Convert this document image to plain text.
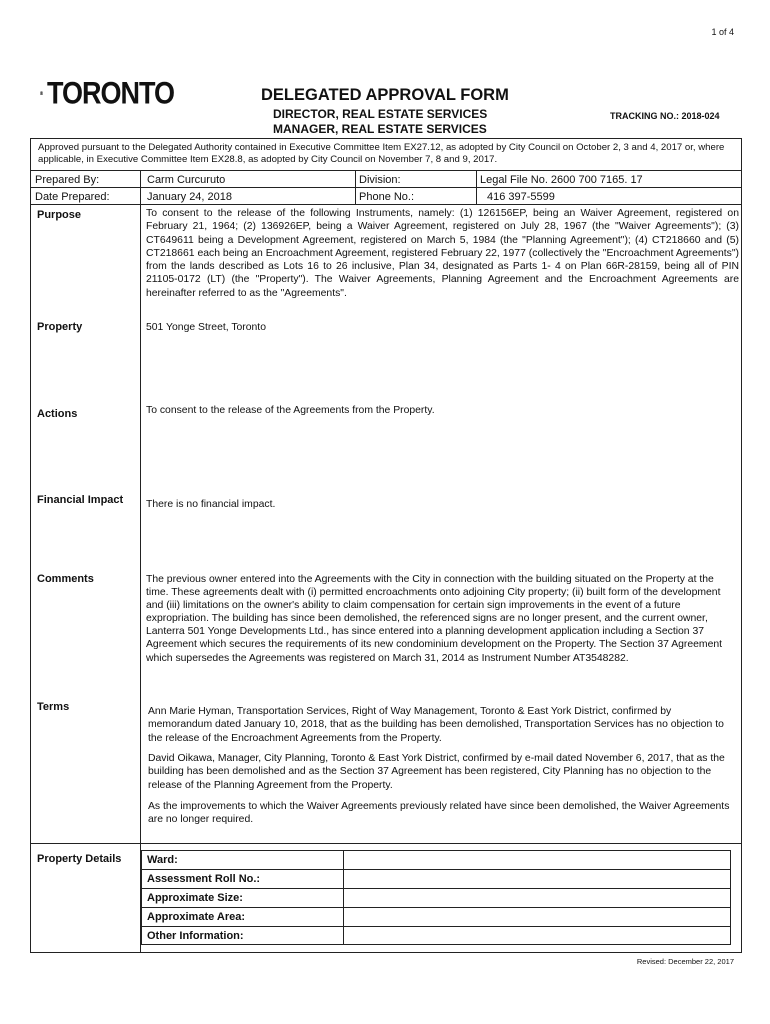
1 of 4
TORONTO	DELEGATED APPROVAL FORM
DIRECTOR, REAL ESTATE SERVICES
MANAGER, REAL ESTATE SERVICES
TRACKING NO.: 2018-024
Approved pursuant to the Delegated Authority contained in Executive Committee Item EX27.12, as adopted by City Council on October 2, 3 and 4, 2017 or, where applicable, in Executive Committee Item EX28.8, as adopted by City Council on November 7, 8 and 9, 2017.
Prepared By:	Carm Curcuruto	Division:	Legal File No. 2600 700 7165. 17
Date Prepared:	January 24, 2018	Phone No.:	416 397-5599
Purpose	To consent to the release of the following Instruments, namely: (1) 126156EP, being an Waiver Agreement, registered on February 21, 1964; (2) 136926EP, being a Waiver Agreement, registered on July 28, 1967 (the "Waiver Agreements"); (3) CT649611 being a Development Agreement, registered on March 5, 1984 (the "Planning Agreement"); (4) CT218660 and (5) CT218661 each being an Encroachment Agreement, registered February 22, 1977 (collectively the "Encroachment Agreements") from the lands described as Lots 16 to 26 inclusive, Plan 34, designated as Parts 1- 4 on Plan 66R-28159, being all of PIN 21105-0172 (LT) (the "Property"). The Waiver Agreements, Planning Agreement and the Encroachment Agreements are hereinafter referred to as the "Agreements".
Property	501 Yonge Street, Toronto
Actions	To consent to the release of the Agreements from the Property.
Financial Impact There is no financial impact.
Comments	The previous owner entered into the Agreements with the City in connection with the building situated on the Property at the time. These agreements dealt with (i) permitted encroachments onto adjoining City property; (ii) built form of the development and (iii) limitations on the owner's ability to claim compensation for certain sign improvements in the event of a future expropriation. The building has since been demolished, the referenced signs are no longer present, and the current owner, Lanterra 501 Yonge Developments Ltd., has since entered into a planning development application including a Section 37 Agreement which secures the requirements of its new condominium development on the Property. The Section 37 Agreement which supersedes the Agreements was registered on March 31, 2014 as Instrument Number AT3548282.
Terms	Ann Marie Hyman, Transportation Services, Right of Way Management, Toronto & East York District, confirmed by memorandum dated January 10, 2018, that as the building has been demolished, Transportation Services has no objection to the release of the Encroachment Agreements from the Property.
David Oikawa, Manager, City Planning, Toronto & East York District, confirmed by e-mail dated November 6, 2017, that as the building has been demolished and as the Section 37 Agreement has been registered, City Planning has no objection to the release of the Planning Agreement from the Property.
As the improvements to which the Waiver Agreements previously related have since been demolished, the Waiver Agreements are no longer required.
Property Details Ward:
Assessment Roll No.:
Approximate Size:
Approximate Area:
Other Information:
Revised: December 22, 2017
